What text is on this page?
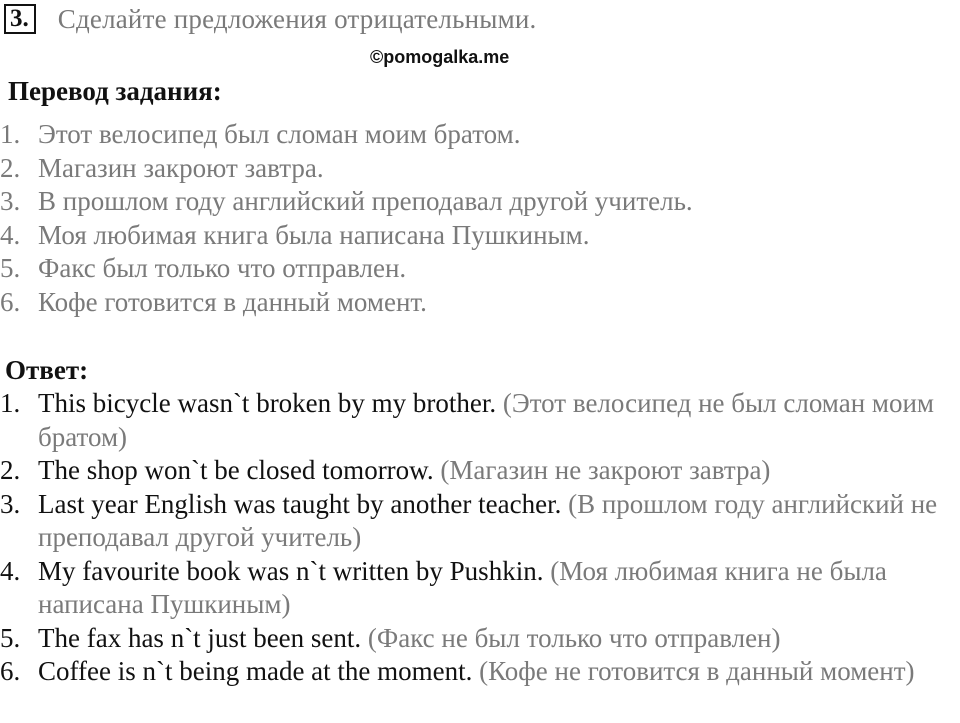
3. Сделайте предложения отрицательными.
©pomogalka.me
Перевод задания:
1. Этот велосипед был сломан моим братом.
2. Магазин закроют завтра.
3. В прошлом году английский преподавал другой учитель.
4. Моя любимая книга была написана Пушкиным.
5. Факс был только что отправлен.
6. Кофе готовится в данный момент.
Ответ:
1. This bicycle wasn`t broken by my brother. (Этот велосипед не был сломан моим братом)
2. The shop won`t be closed tomorrow. (Магазин не закроют завтра)
3. Last year English was taught by another teacher. (В прошлом году английский не преподавал другой учитель)
4. My favourite book was n`t written by Pushkin. (Моя любимая книга не была написана Пушкиным)
5. The fax has n`t just been sent. (Факс не был только что отправлен)
6. Coffee is n`t being made at the moment. (Кофе не готовится в данный момент)
